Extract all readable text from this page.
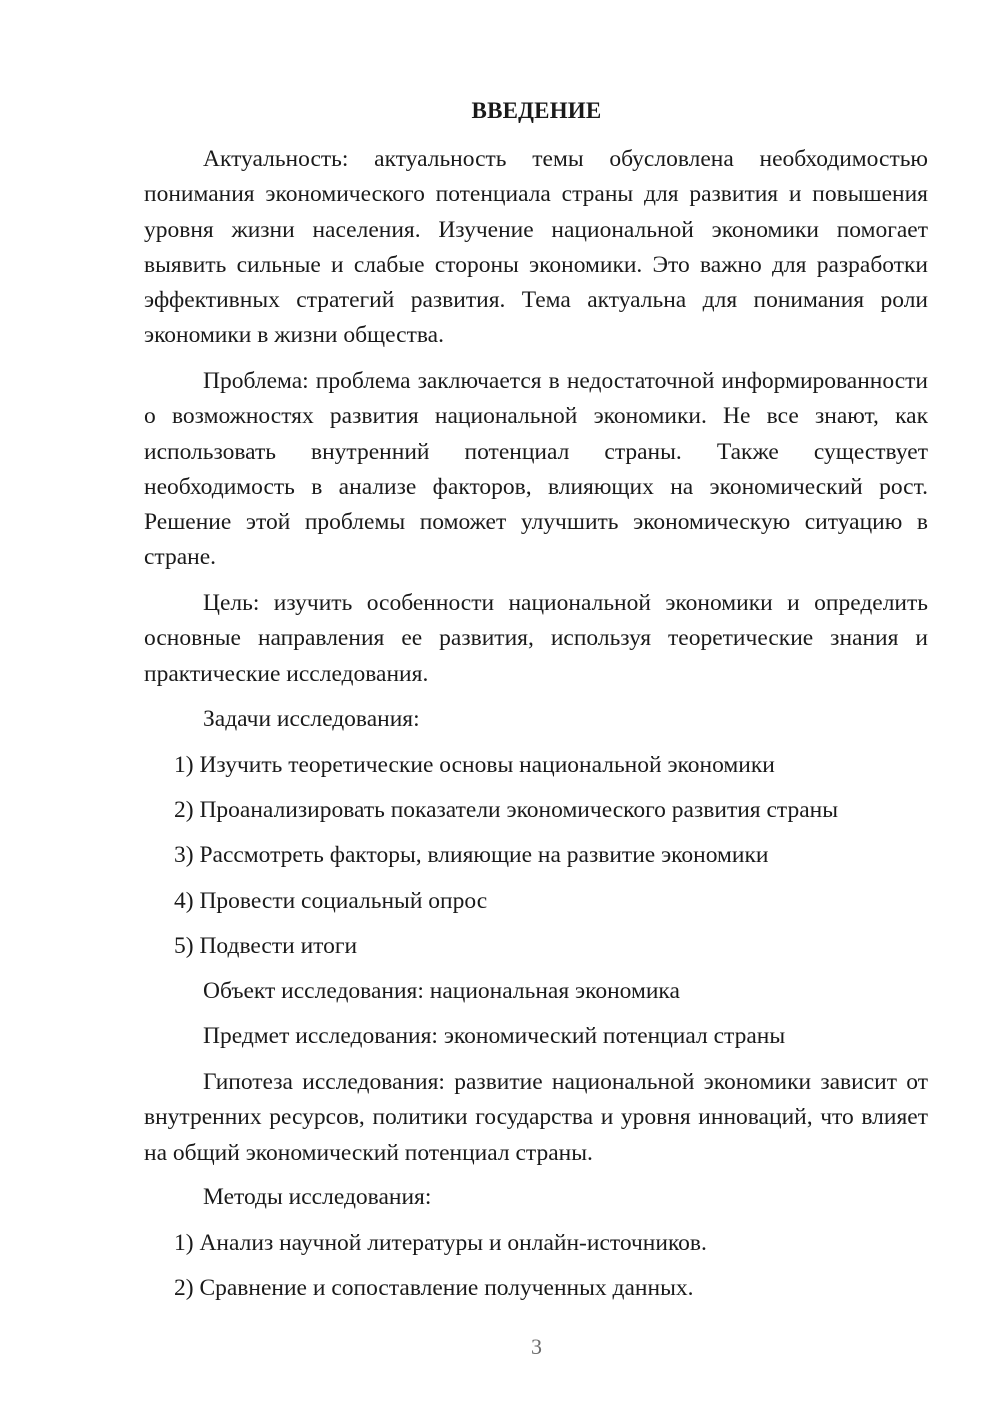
ВВЕДЕНИЕ
Актуальность: актуальность темы обусловлена необходимостью понимания экономического потенциала страны для развития и повышения уровня жизни населения. Изучение национальной экономики помогает выявить сильные и слабые стороны экономики. Это важно для разработки эффективных стратегий развития. Тема актуальна для понимания роли экономики в жизни общества.
Проблема: проблема заключается в недостаточной информированности о возможностях развития национальной экономики. Не все знают, как использовать внутренний потенциал страны. Также существует необходимость в анализе факторов, влияющих на экономический рост. Решение этой проблемы поможет улучшить экономическую ситуацию в стране.
Цель: изучить особенности национальной экономики и определить основные направления ее развития, используя теоретические знания и практические исследования.
Задачи исследования:
1) Изучить теоретические основы национальной экономики
2) Проанализировать показатели экономического развития страны
3) Рассмотреть факторы, влияющие на развитие экономики
4) Провести социальный опрос
5) Подвести итоги
Объект исследования: национальная экономика
Предмет исследования: экономический потенциал страны
Гипотеза исследования: развитие национальной экономики зависит от внутренних ресурсов, политики государства и уровня инноваций, что влияет на общий экономический потенциал страны.
Методы исследования:
1) Анализ научной литературы и онлайн-источников.
2) Сравнение и сопоставление полученных данных.
3
